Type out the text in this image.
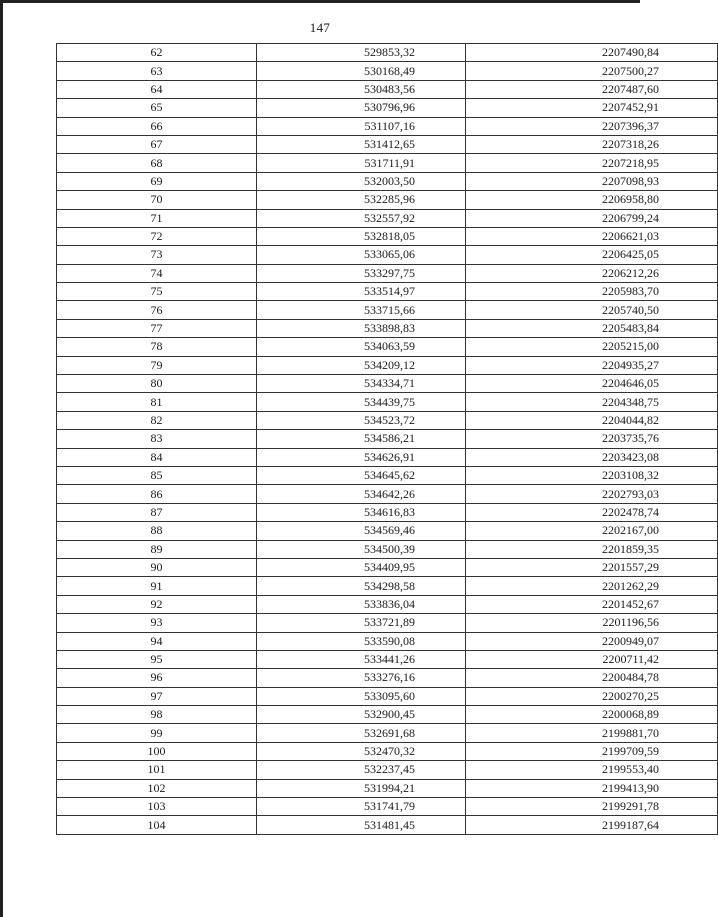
147
62	529853,32	2207490,84
63	530168,49	2207500,27
64	530483,56	2207487,60
65	530796,96	2207452,91
66	531107,16	2207396,37
67	531412,65	2207318,26
68	531711,91	2207218,95
69	532003,50	2207098,93
70	532285,96	2206958,80
71	532557,92	2206799,24
72	532818,05	2206621,03
73	533065,06	2206425,05
74	533297,75	2206212,26
75	533514,97	2205983,70
76	533715,66	2205740,50
77	533898,83	2205483,84
78	534063,59	2205215,00
79	534209,12	2204935,27
80	534334,71	2204646,05
81	534439,75	2204348,75
82	534523,72	2204044,82
83	534586,21	2203735,76
84	534626,91	2203423,08
85	534645,62	2203108,32
86	534642,26	2202793,03
87	534616,83	2202478,74
88	534569,46	2202167,00
89	534500,39	2201859,35
90	534409,95	2201557,29
91	534298,58	2201262,29
92	533836,04	2201452,67
93	533721,89	2201196,56
94	533590,08	2200949,07
95	533441,26	2200711,42
96	533276,16	2200484,78
97	533095,60	2200270,25
98	532900,45	2200068,89
99	532691,68	2199881,70
100	532470,32	2199709,59
101	532237,45	2199553,40
102	531994,21	2199413,90
103	531741,79	2199291,78
104	531481,45	2199187,64
